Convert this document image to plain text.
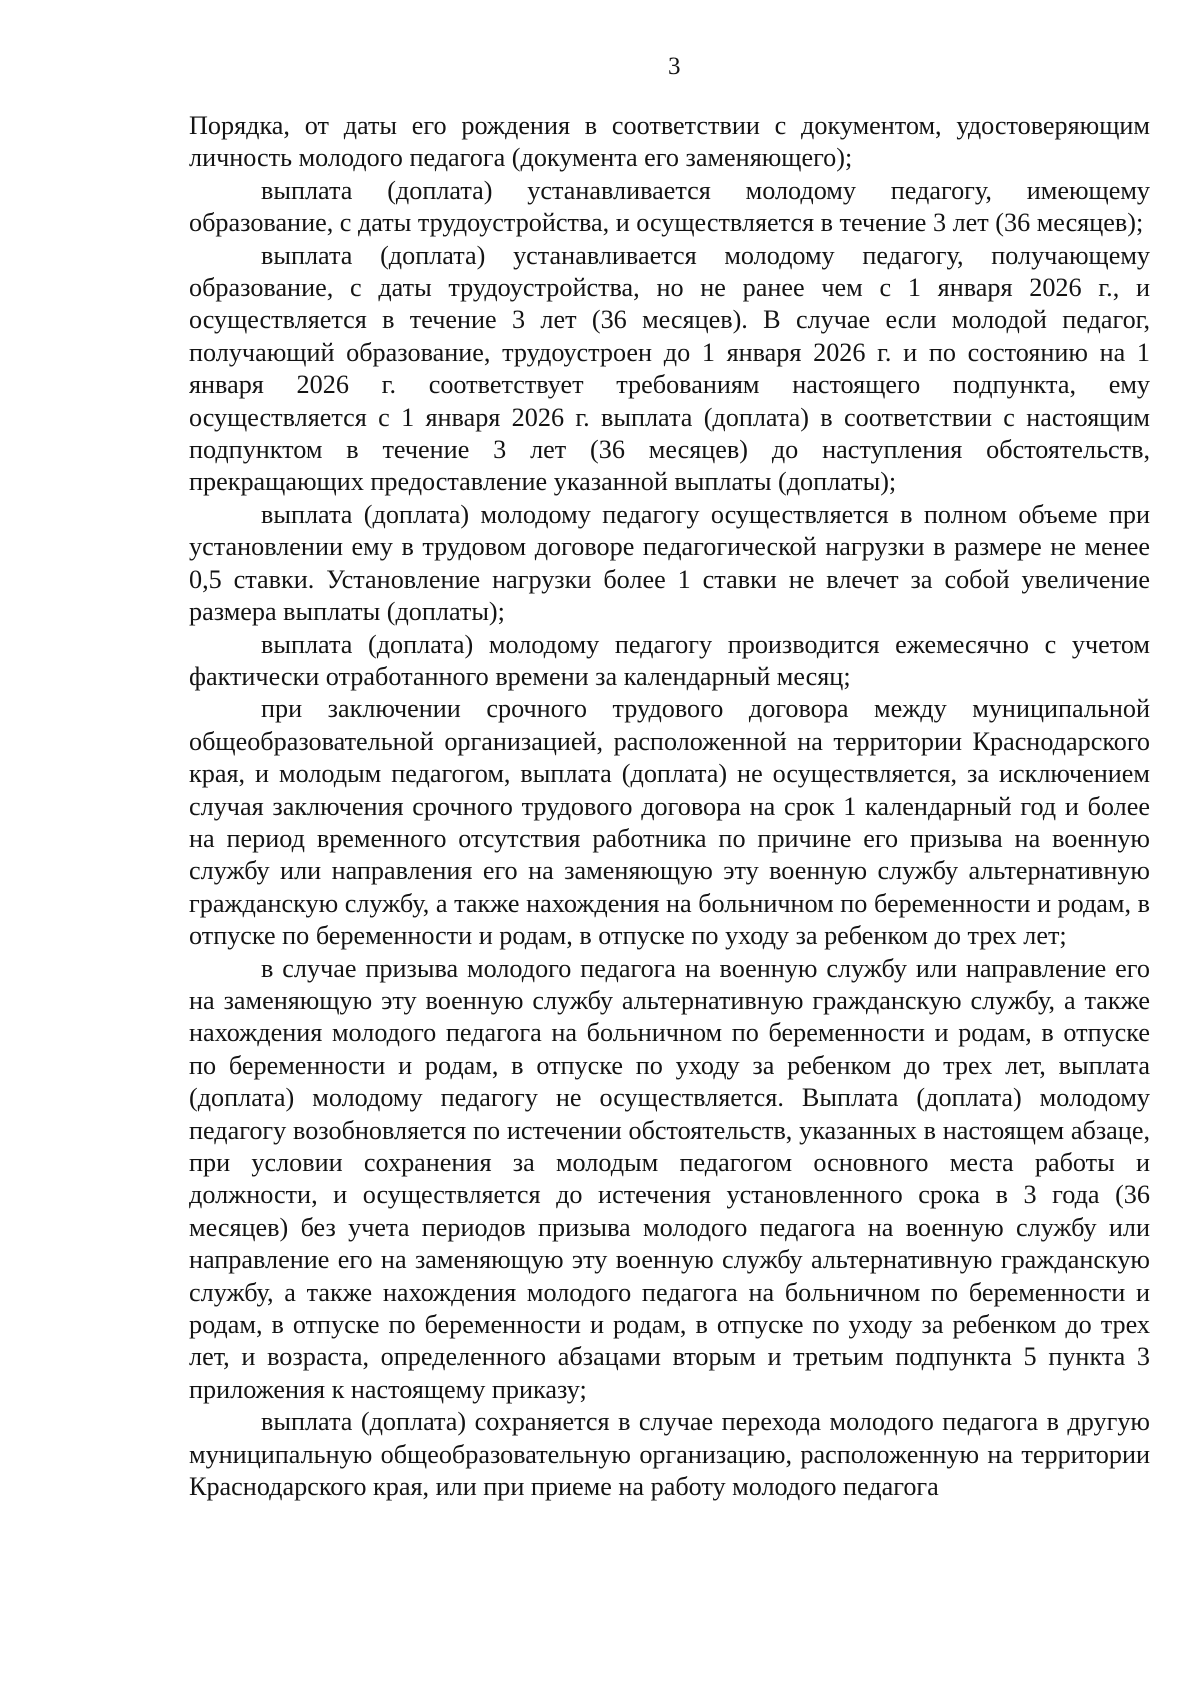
3

Порядка, от даты его рождения в соответствии с документом, удостоверяющим личность молодого педагога (документа его заменяющего);

выплата (доплата) устанавливается молодому педагогу, имеющему образование, с даты трудоустройства, и осуществляется в течение 3 лет (36 месяцев);

выплата (доплата) устанавливается молодому педагогу, получающему образование, с даты трудоустройства, но не ранее чем с 1 января 2026 г., и осуществляется в течение 3 лет (36 месяцев). В случае если молодой педагог, получающий образование, трудоустроен до 1 января 2026 г. и по состоянию на 1 января 2026 г. соответствует требованиям настоящего подпункта, ему осуществляется с 1 января 2026 г. выплата (доплата) в соответствии с настоящим подпунктом в течение 3 лет (36 месяцев) до наступления обстоятельств, прекращающих предоставление указанной выплаты (доплаты);

выплата (доплата) молодому педагогу осуществляется в полном объеме при установлении ему в трудовом договоре педагогической нагрузки в размере не менее 0,5 ставки. Установление нагрузки более 1 ставки не влечет за собой увеличение размера выплаты (доплаты);

выплата (доплата) молодому педагогу производится ежемесячно с учетом фактически отработанного времени за календарный месяц;

при заключении срочного трудового договора между муниципальной общеобразовательной организацией, расположенной на территории Краснодарского края, и молодым педагогом, выплата (доплата) не осуществляется, за исключением случая заключения срочного трудового договора на срок 1 календарный год и более на период временного отсутствия работника по причине его призыва на военную службу или направления его на заменяющую эту военную службу альтернативную гражданскую службу, а также нахождения на больничном по беременности и родам, в отпуске по беременности и родам, в отпуске по уходу за ребенком до трех лет;

в случае призыва молодого педагога на военную службу или направление его на заменяющую эту военную службу альтернативную гражданскую службу, а также нахождения молодого педагога на больничном по беременности и родам, в отпуске по беременности и родам, в отпуске по уходу за ребенком до трех лет, выплата (доплата) молодому педагогу не осуществляется. Выплата (доплата) молодому педагогу возобновляется по истечении обстоятельств, указанных в настоящем абзаце, при условии сохранения за молодым педагогом основного места работы и должности, и осуществляется до истечения установленного срока в 3 года (36 месяцев) без учета периодов призыва молодого педагога на военную службу или направление его на заменяющую эту военную службу альтернативную гражданскую службу, а также нахождения молодого педагога на больничном по беременности и родам, в отпуске по беременности и родам, в отпуске по уходу за ребенком до трех лет, и возраста, определенного абзацами вторым и третьим подпункта 5 пункта 3 приложения к настоящему приказу;

выплата (доплата) сохраняется в случае перехода молодого педагога в другую муниципальную общеобразовательную организацию, расположенную на территории Краснодарского края, или при приеме на работу молодого педагога
